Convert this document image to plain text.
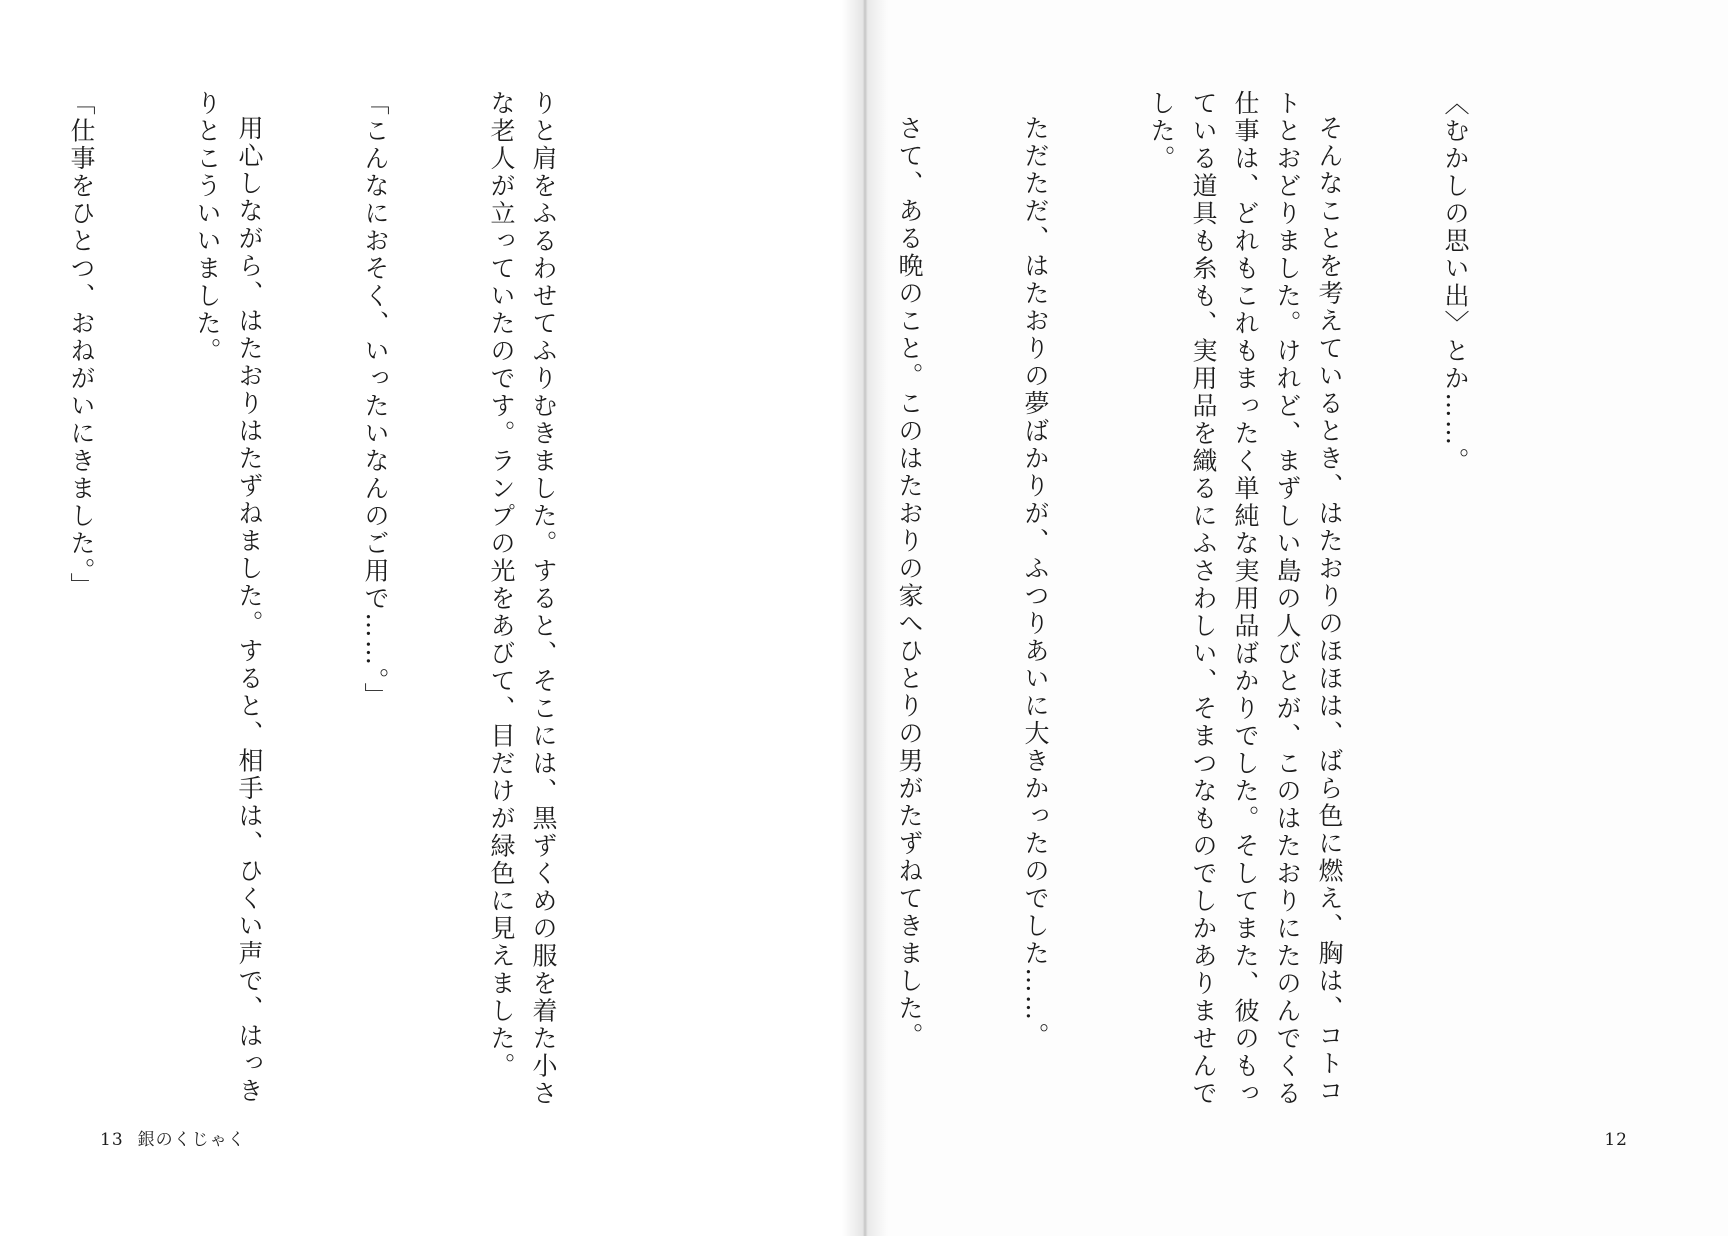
りと肩をふるわせてふりむきました。すると、そこには、黒ずくめの服を着た小さな老人が立っていたのです。ランプの光をあびて、目だけが緑色に見えました。

「こんなにおそく、いったいなんのご用で……。」

用心しながら、はたおりはたずねました。すると、相手は、ひくい声で、はっきりとこういいました。

「仕事をひとつ、おねがいにきました。」

13 銀のくじゃく

〈むかしの思い出〉とか……。

そんなことを考えているとき、はたおりのほほは、ばら色に燃え、胸は、コトコトとおどりました。けれど、まずしい島の人びとが、このはたおりにたのんでくる仕事は、どれもこれもまったく単純な実用品ばかりでした。そしてまた、彼のもっている道具も糸も、実用品を織るにふさわしい、そまつなものでしかありませんでした。

ただただ、はたおりの夢ばかりが、ふつりあいに大きかったのでした……。

さて、ある晩のこと。このはたおりの家へひとりの男がたずねてきました。

12
